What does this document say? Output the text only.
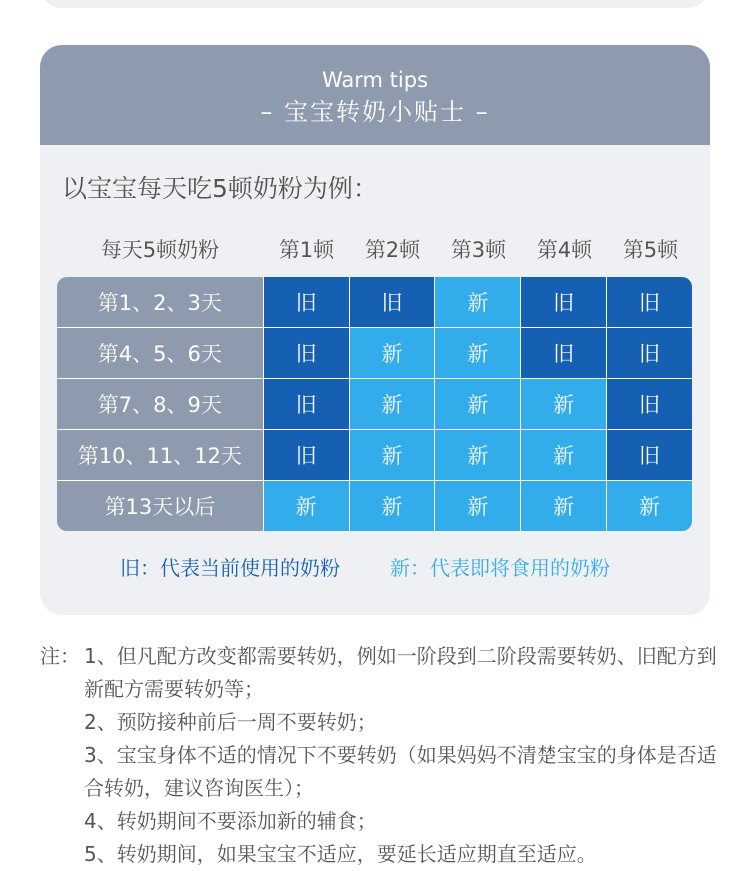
Warm tips
– 宝宝转奶小贴士 –
以宝宝每天吃5顿奶粉为例：
每天5顿奶粉	第1顿	第2顿	第3顿	第4顿	第5顿
第1、2、3天	旧	旧	新	旧	旧
第4、5、6天	旧	新	新	旧	旧
第7、8、9天	旧	新	新	新	旧
第10、11、12天	旧	新	新	新	旧
第13天以后	新	新	新	新	新
旧：代表当前使用的奶粉	新：代表即将食用的奶粉
注： 1、但凡配方改变都需要转奶，例如一阶段到二阶段需要转奶、旧配方到新配方需要转奶等；
2、预防接种前后一周不要转奶；
3、宝宝身体不适的情况下不要转奶（如果妈妈不清楚宝宝的身体是否适合转奶，建议咨询医生）；
4、转奶期间不要添加新的辅食；
5、转奶期间，如果宝宝不适应，要延长适应期直至适应。
